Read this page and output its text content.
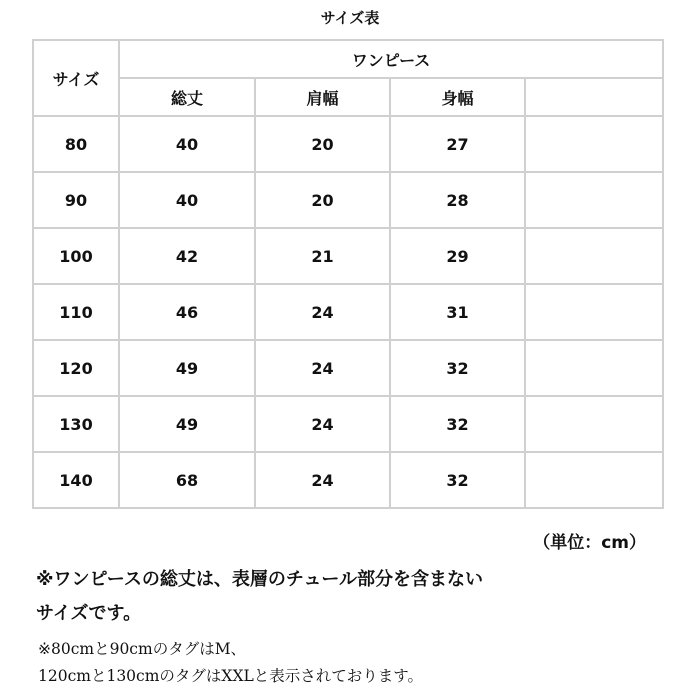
サイズ表
サイズ	ワンピース			
	総丈	肩幅	身幅	
80	40	20	27	
90	40	20	28	
100	42	21	29	
110	46	24	31	
120	49	24	32	
130	49	24	32	
140	68	24	32	
（単位：cm）
※ワンピースの総丈は、表層のチュール部分を含まない
サイズです。
※80cmと90cmのタグはM、
120cmと130cmのタグはXXLと表示されております。
